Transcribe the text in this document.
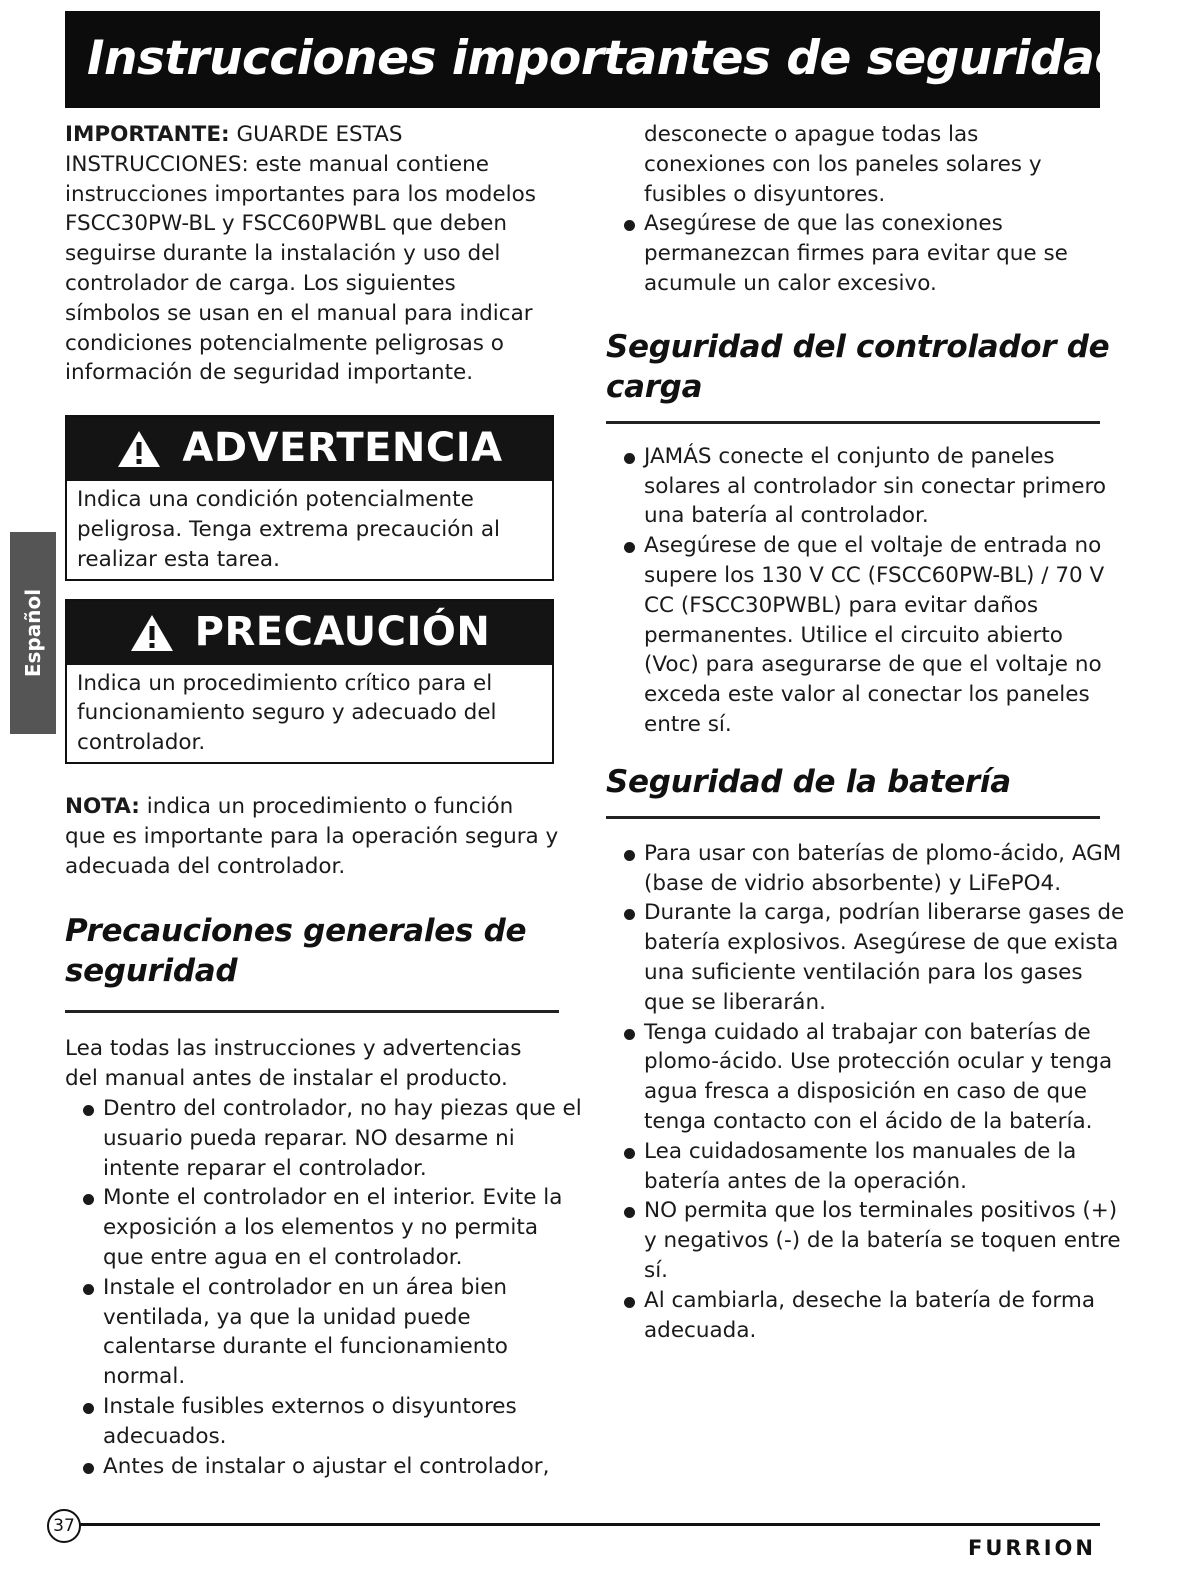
Instrucciones importantes de seguridad
Español

IMPORTANTE: GUARDE ESTAS INSTRUCCIONES: este manual contiene instrucciones importantes para los modelos FSCC30PW-BL y FSCC60PWBL que deben seguirse durante la instalación y uso del controlador de carga. Los siguientes símbolos se usan en el manual para indicar condiciones potencialmente peligrosas o información de seguridad importante.

ADVERTENCIA
Indica una condición potencialmente peligrosa. Tenga extrema precaución al realizar esta tarea.
PRECAUCIÓN
Indica un procedimiento crítico para el funcionamiento seguro y adecuado del controlador.

NOTA: indica un procedimiento o función que es importante para la operación segura y adecuada del controlador.

Precauciones generales de seguridad

Lea todas las instrucciones y advertencias del manual antes de instalar el producto.

Dentro del controlador, no hay piezas que el usuario pueda reparar. NO desarme ni intente reparar el controlador.
Monte el controlador en el interior. Evite la exposición a los elementos y no permita que entre agua en el controlador.
Instale el controlador en un área bien ventilada, ya que la unidad puede calentarse durante el funcionamiento normal.
Instale fusibles externos o disyuntores adecuados.
Antes de instalar o ajustar el controlador,

desconecte o apague todas las conexiones con los paneles solares y fusibles o disyuntores.

Asegúrese de que las conexiones permanezcan firmes para evitar que se acumule un calor excesivo.
Seguridad del controlador de carga
JAMÁS conecte el conjunto de paneles solares al controlador sin conectar primero una batería al controlador.
Asegúrese de que el voltaje de entrada no supere los 130 V CC (FSCC60PW-BL) / 70 V CC (FSCC30PWBL) para evitar daños permanentes. Utilice el circuito abierto (Voc) para asegurarse de que el voltaje no exceda este valor al conectar los paneles entre sí.
Seguridad de la batería
Para usar con baterías de plomo-ácido, AGM (base de vidrio absorbente) y LiFePO4.
Durante la carga, podrían liberarse gases de batería explosivos. Asegúrese de que exista una suficiente ventilación para los gases que se liberarán.
Tenga cuidado al trabajar con baterías de plomo-ácido. Use protección ocular y tenga agua fresca a disposición en caso de que tenga contacto con el ácido de la batería.
Lea cuidadosamente los manuales de la batería antes de la operación.
NO permita que los terminales positivos (+) y negativos (-) de la batería se toquen entre sí.
Al cambiarla, deseche la batería de forma adecuada.
37
FURRION
